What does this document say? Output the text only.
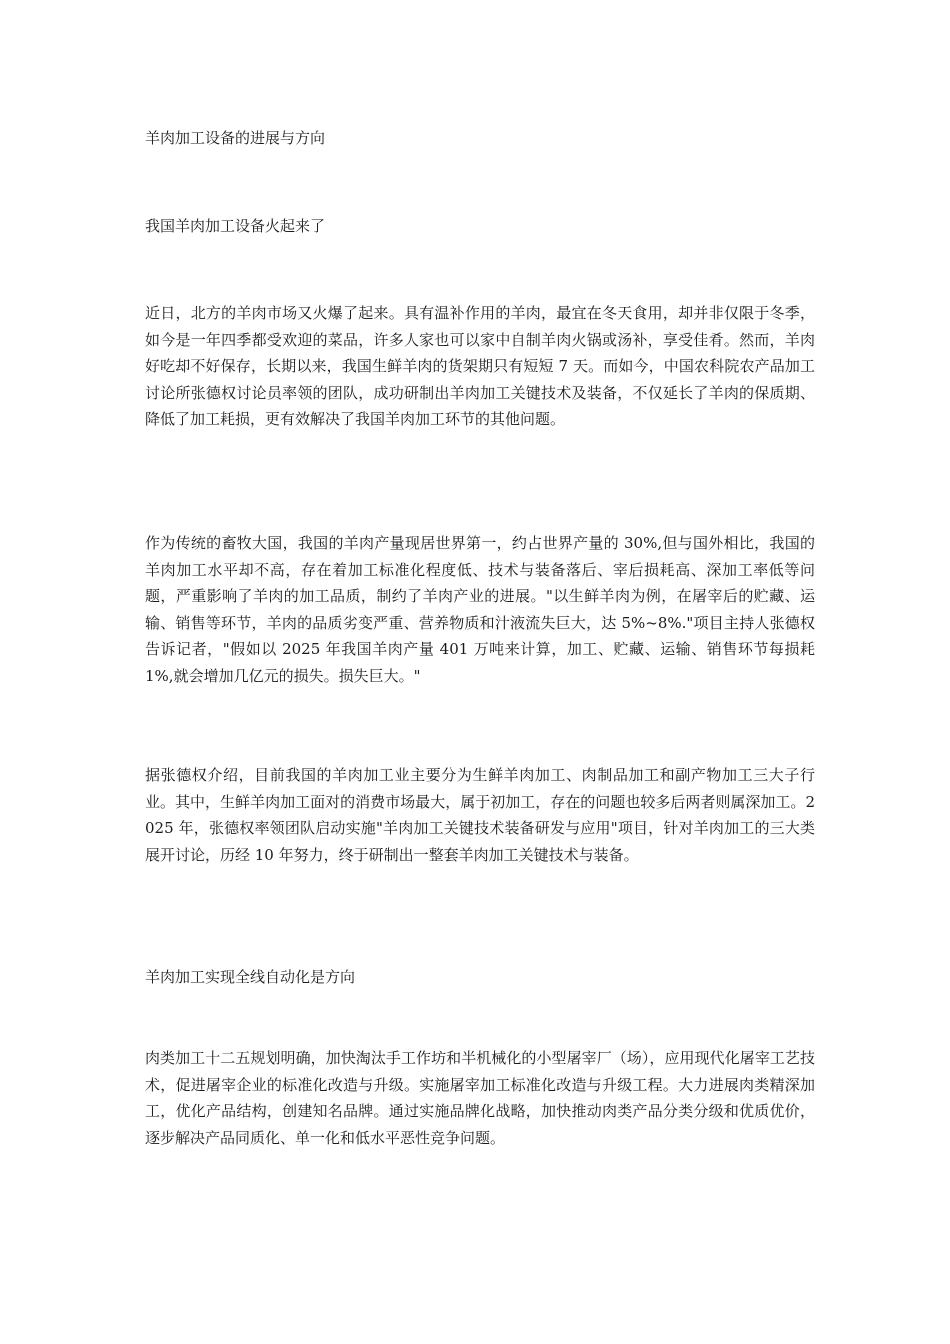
羊肉加工设备的进展与方向

我国羊肉加工设备火起来了

近日，北方的羊肉市场又火爆了起来。具有温补作用的羊肉，最宜在冬天食用，却并非仅限于冬季，如今是一年四季都受欢迎的菜品，许多人家也可以家中自制羊肉火锅或汤补，享受佳肴。然而，羊肉好吃却不好保存，长期以来，我国生鲜羊肉的货架期只有短短 7 天。而如今，中国农科院农产品加工讨论所张德权讨论员率领的团队，成功研制出羊肉加工关键技术及装备，不仅延长了羊肉的保质期、降低了加工耗损，更有效解决了我国羊肉加工环节的其他问题。

作为传统的畜牧大国，我国的羊肉产量现居世界第一，约占世界产量的 30%,但与国外相比，我国的羊肉加工水平却不高，存在着加工标准化程度低、技术与装备落后、宰后损耗高、深加工率低等问题，严重影响了羊肉的加工品质，制约了羊肉产业的进展。"以生鲜羊肉为例，在屠宰后的贮藏、运输、销售等环节，羊肉的品质劣变严重、营养物质和汁液流失巨大，达 5%~8%."项目主持人张德权告诉记者，"假如以 2025 年我国羊肉产量 401 万吨来计算，加工、贮藏、运输、销售环节每损耗 1%,就会增加几亿元的损失。损失巨大。"

据张德权介绍，目前我国的羊肉加工业主要分为生鲜羊肉加工、肉制品加工和副产物加工三大子行业。其中，生鲜羊肉加工面对的消费市场最大，属于初加工，存在的问题也较多后两者则属深加工。2025 年，张德权率领团队启动实施"羊肉加工关键技术装备研发与应用"项目，针对羊肉加工的三大类展开讨论，历经 10 年努力，终于研制出一整套羊肉加工关键技术与装备。

羊肉加工实现全线自动化是方向

肉类加工十二五规划明确，加快淘汰手工作坊和半机械化的小型屠宰厂（场），应用现代化屠宰工艺技术，促进屠宰企业的标准化改造与升级。实施屠宰加工标准化改造与升级工程。大力进展肉类精深加工，优化产品结构，创建知名品牌。通过实施品牌化战略，加快推动肉类产品分类分级和优质优价，逐步解决产品同质化、单一化和低水平恶性竞争问题。
